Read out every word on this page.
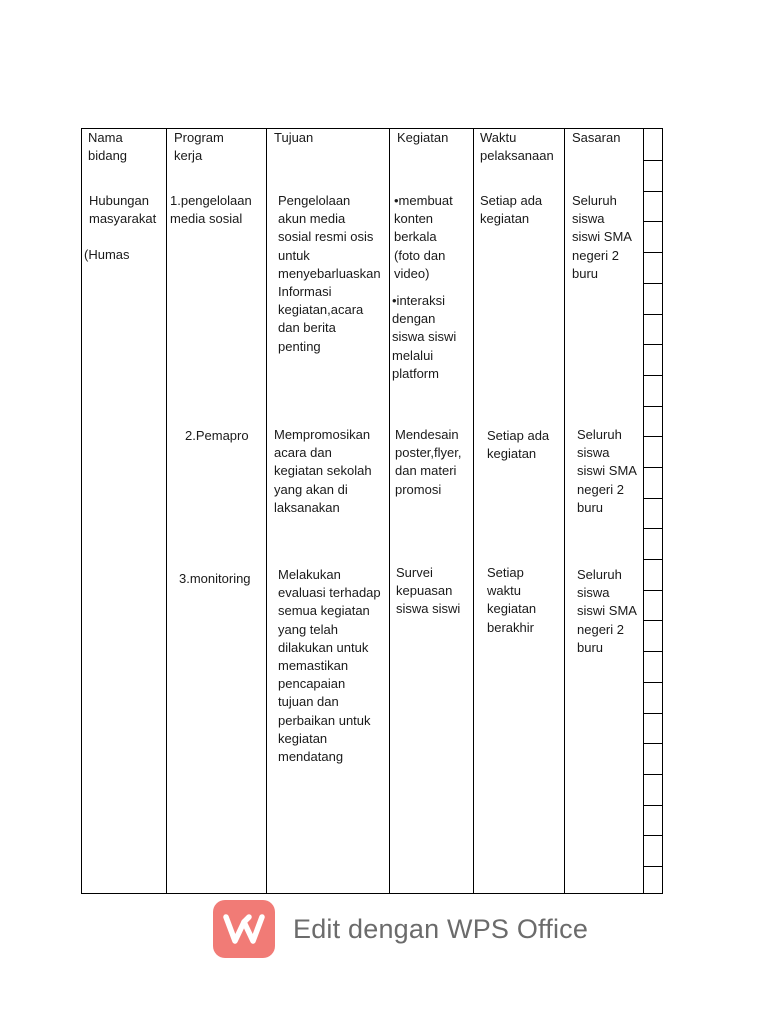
Nama
bidang
Program
kerja
Tujuan	Kegiatan Waktu
pelaksanaan
Sasaran
Hubungan
masyarakat
(Humas
1.pengelolaan
media sosial
Pengelolaan
akun media
sosial resmi osis
untuk
menyebarluaskan
Informasi
kegiatan,acara
dan berita
penting
•membuat
konten
berkala
(foto dan
video)
•interaksi
dengan
siswa siswi
melalui
platform
Setiap ada
kegiatan
Seluruh
siswa
siswi SMA
negeri 2
buru
2.Pemapro Mempromosikan
acara dan
kegiatan sekolah
yang akan di
laksanakan
Mendesain
poster,flyer,
dan materi
promosi
Setiap ada
kegiatan
Seluruh
siswa
siswi SMA
negeri 2
buru
3.monitoring Melakukan
evaluasi terhadap
semua kegiatan
yang telah
dilakukan untuk
memastikan
pencapaian
tujuan dan
perbaikan untuk
kegiatan
mendatang
Survei
kepuasan
siswa siswi
Setiap
waktu
kegiatan
berakhir
Seluruh
siswa
siswi SMA
negeri 2
buru
Edit dengan WPS Office
